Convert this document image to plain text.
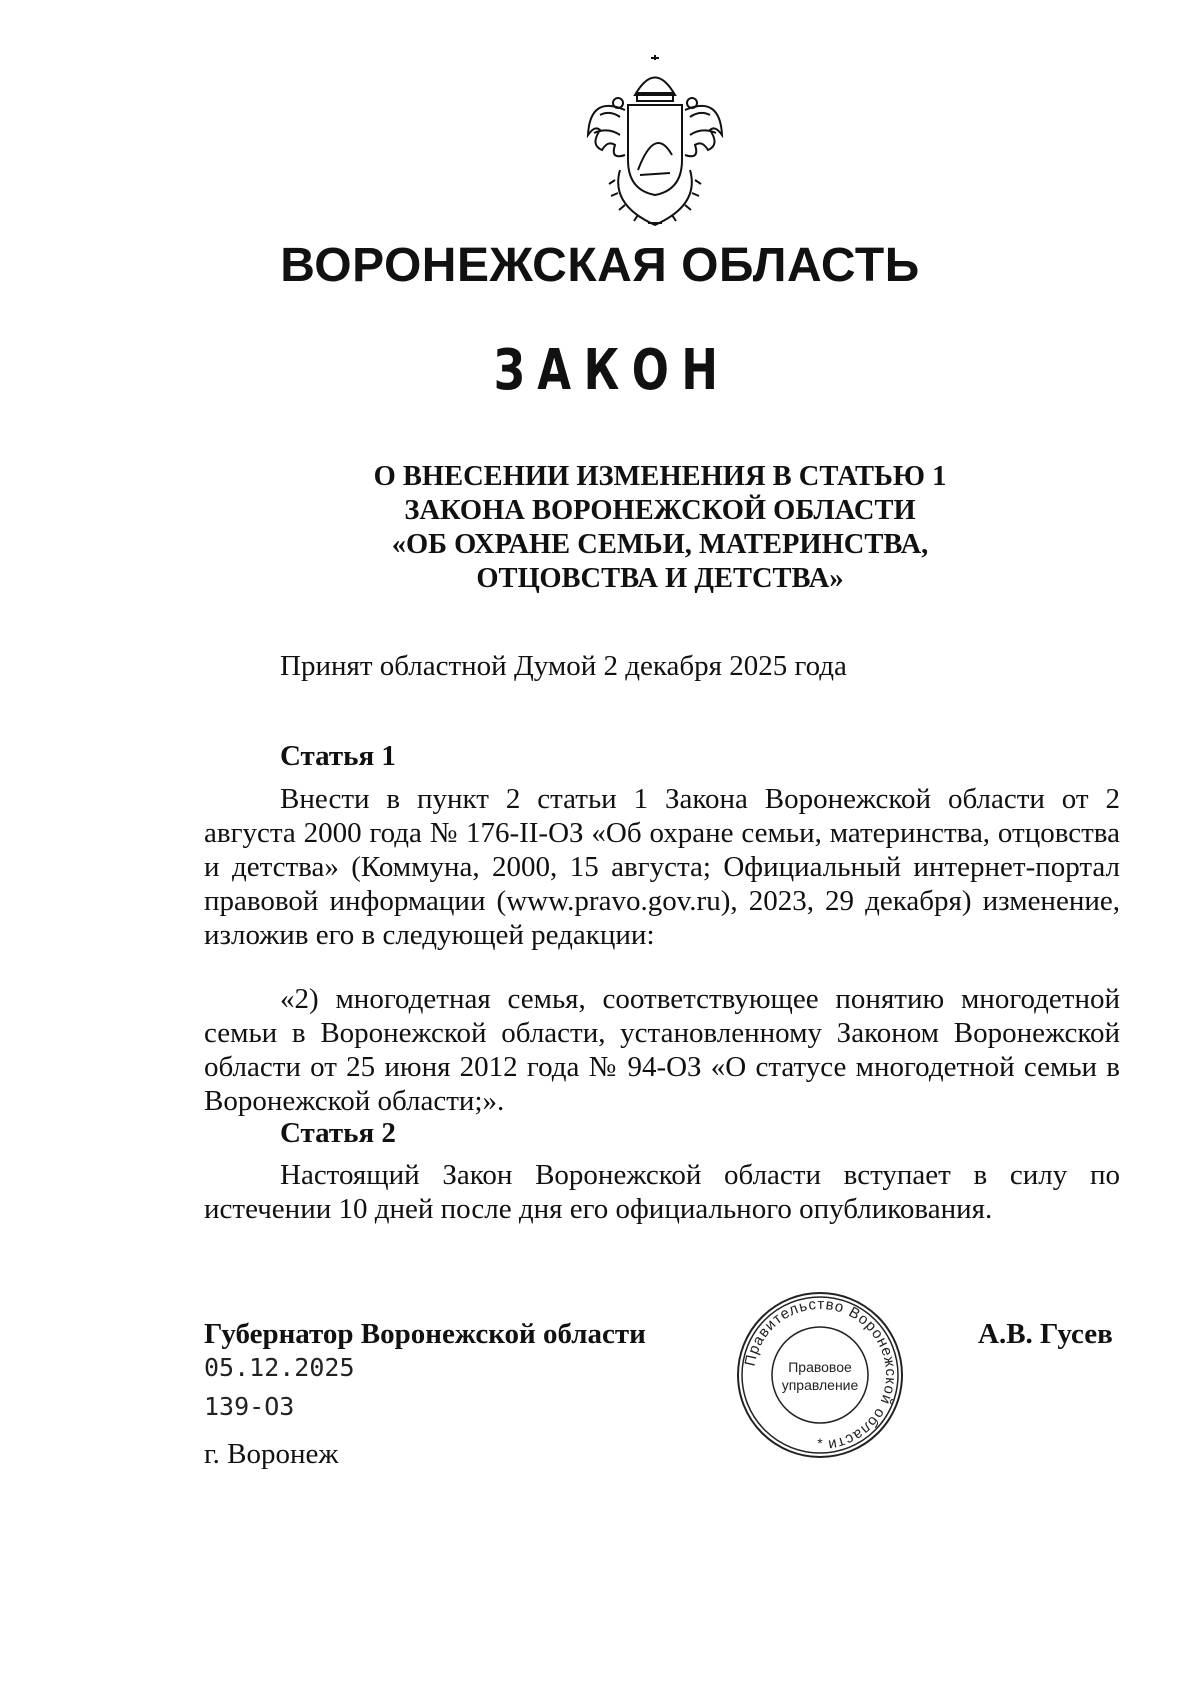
ВОРОНЕЖСКАЯ ОБЛАСТЬ
ЗАКОН
О ВНЕСЕНИИ ИЗМЕНЕНИЯ В СТАТЬЮ 1
ЗАКОНА ВОРОНЕЖСКОЙ ОБЛАСТИ
«ОБ ОХРАНЕ СЕМЬИ, МАТЕРИНСТВА,
ОТЦОВСТВА И ДЕТСТВА»
Принят областной Думой 2 декабря 2025 года
Статья 1
Внести в пункт 2 статьи 1 Закона Воронежской области от 2 августа 2000 года № 176-II-ОЗ «Об охране семьи, материнства, отцовства и детства» (Коммуна, 2000, 15 августа; Официальный интернет-портал правовой информации (www.pravo.gov.ru), 2023, 29 декабря) изменение, изложив его в следующей редакции:
«2) многодетная семья, соответствующее понятию многодетной семьи в Воронежской области, установленному Законом Воронежской области от 25 июня 2012 года № 94-ОЗ «О статусе многодетной семьи в Воронежской области;».
Статья 2
Настоящий Закон Воронежской области вступает в силу по истечении 10 дней после дня его официального опубликования.
Губернатор Воронежской области
05.12.2025
139-ОЗ
г. Воронеж
А.В. Гусев
Правительство Воронежской области
Правовое
управление
*
